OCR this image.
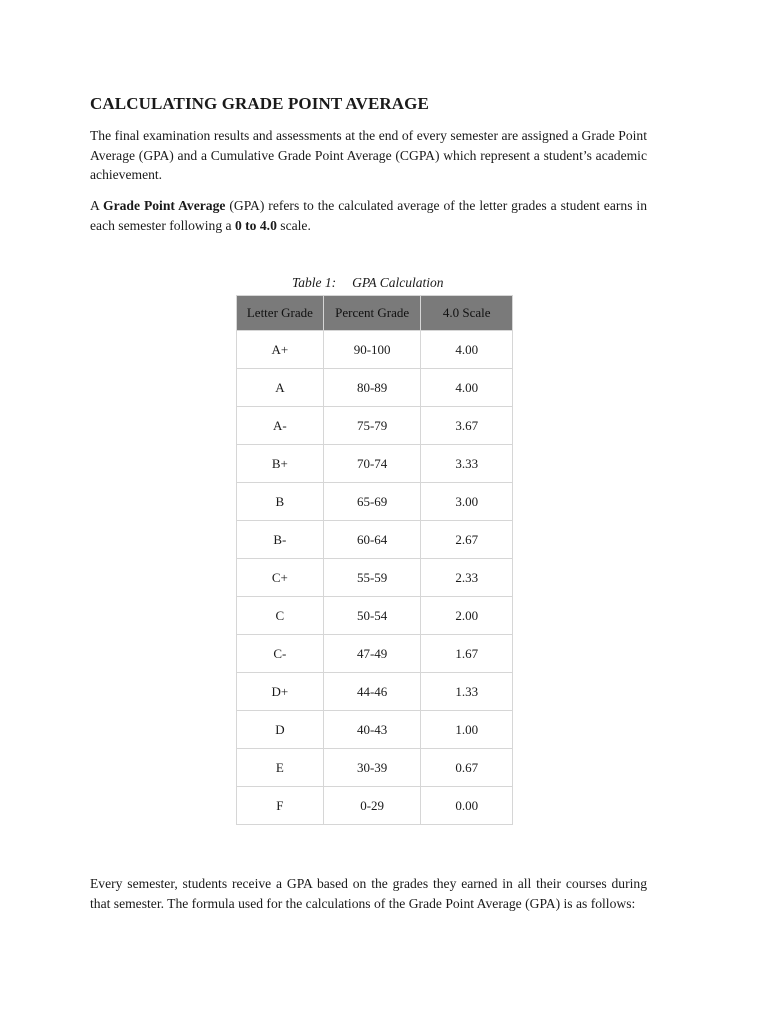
CALCULATING GRADE POINT AVERAGE

The final examination results and assessments at the end of every semester are assigned a Grade Point Average (GPA) and a Cumulative Grade Point Average (CGPA) which represent a student’s academic achievement.

A Grade Point Average (GPA) refers to the calculated average of the letter grades a student earns in each semester following a 0 to 4.0 scale.

Every semester, students receive a GPA based on the grades they earned in all their courses during that semester. The formula used for the calculations of the Grade Point Average (GPA) is as follows:

Table 1: GPA Calculation
Letter Grade	Percent Grade	4.0 Scale
A+	90-100	4.00
A	80-89	4.00
A-	75-79	3.67
B+	70-74	3.33
B	65-69	3.00
B-	60-64	2.67
C+	55-59	2.33
C	50-54	2.00
C-	47-49	1.67
D+	44-46	1.33
D	40-43	1.00
E	30-39	0.67
F	0-29	0.00
